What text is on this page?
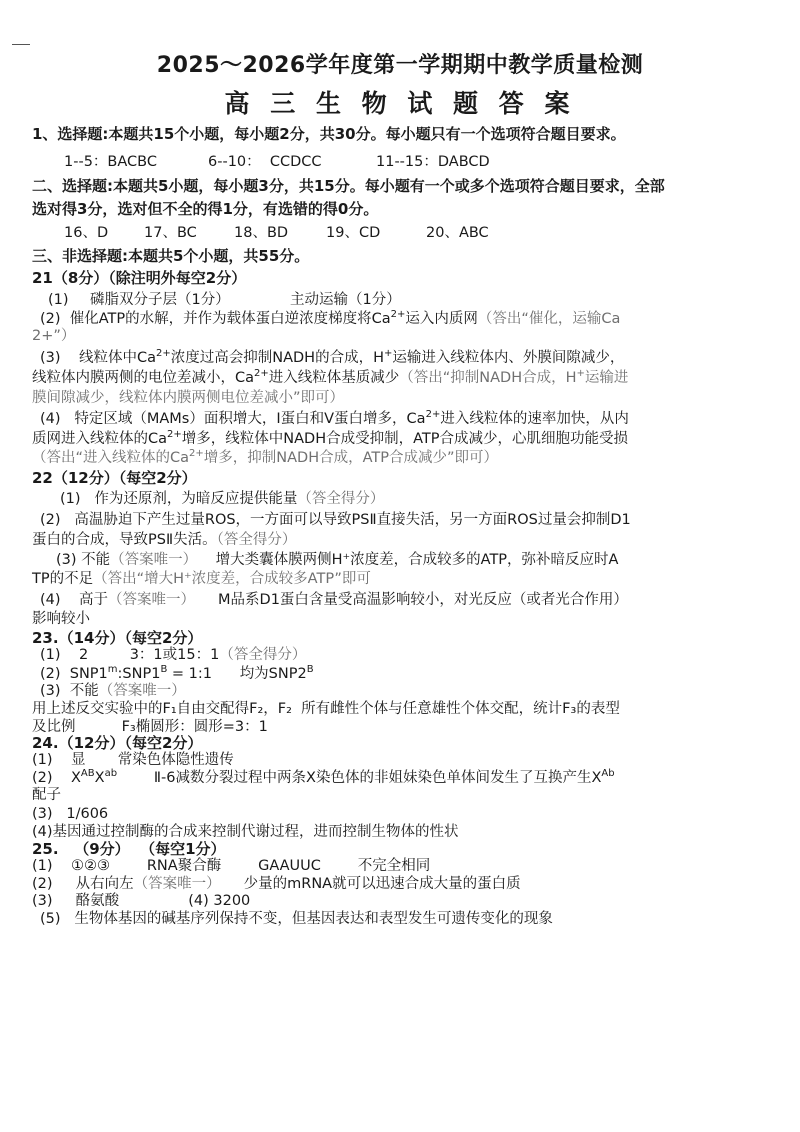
2025～2026学年度第一学期期中教学质量检测
高 三 生 物 试 题 答 案
1、选择题:本题共15个小题，每小题2分，共30分。每小题只有一个选项符合题目要求。
1--5：BACBC	6--10：  CCDCC	11--15：DABCD
二、选择题:本题共5小题，每小题3分，共15分。每小题有一个或多个选项符合题目要求，全部
选对得3分，选对但不全的得1分，有选错的得0分。
16、D 17、BC	18、BD	19、CD	20、ABC
三、非选择题:本题共5个小题，共55分。
21（8分）（除注明外每空2分）
(1) 磷脂双分子层（1分）	主动运输（1分）
(2)  催化ATP的水解，并作为载体蛋白逆浓度梯度将$Ca^{2+}$运入内质网（答出“催化，运输Ca
2+”）
(3)    线粒体中$Ca^{2+}$浓度过高会抑制NADH的合成，H+运输进入线粒体内、外膜间隙减少，
线粒体内膜两侧的电位差减小，$Ca^{2+}$进入线粒体基质减少（答出“抑制NADH合成，H+运输进
膜间隙减少，线粒体内膜两侧电位差减小”即可）
(4)   特定区域（MAMs）面积增大，I蛋白和V蛋白增多，$Ca^{2+}$进入线粒体的速率加快，从内
质网进入线粒体的$Ca^{2+}$增多，线粒体中NADH合成受抑制，ATP合成减少，心肌细胞功能受损
（答出“进入线粒体的$Ca^{2+}$增多，抑制NADH合成，ATP合成减少”即可）
22（12分）（每空2分）
(1)   作为还原剂，为暗反应提供能量（答全得分）
(2)   高温胁迫下产生过量ROS，一方面可以导致PSⅡ直接失活，另一方面ROS过量会抑制D1
蛋白的合成，导致PSⅡ失活。（答全得分）
(3) 不能（答案唯一） 增大类囊体膜两侧H⁺浓度差，合成较多的ATP，弥补暗反应时A
TP的不足（答出“增大H⁺浓度差，合成较多ATP”即可
(4)    高于（答案唯一） M品系D1蛋白含量受高温影响较小，对光反应（或者光合作用）
影响较小
23.（14分）（每空2分）
(1)    2	3：1或15：1（答全得分）
(2)  $SNP1^m:SNP1^B$ = 1:1 均为$SNP2^B$
(3)  不能（答案唯一）
用上述反交实验中的F₁自由交配得F₂，F₂  所有雌性个体与任意雄性个体交配，统计F₃的表型
及比例	F₃椭圆形：圆形=3：1
24.（12分）（每空2分）
(1)    显 常染色体隐性遗传
(2)    $X^{AB}X^{ab}$	Ⅱ-6减数分裂过程中两条X染色体的非姐妹染色单体间发生了互换产生$X^{Ab}$
配子
(3)   1/606
(4)基因通过控制酶的合成来控制代谢过程，进而控制生物体的性状
25.   （9分）  （每空1分）
(1)    ①②③	RNA聚合酶	GAAUUC	不完全相同
(2)     从右向左（答案唯一） 少量的mRNA就可以迅速合成大量的蛋白质
(3)     酪氨酸	(4) 3200
(5)   生物体基因的碱基序列保持不变，但基因表达和表型发生可遗传变化的现象
